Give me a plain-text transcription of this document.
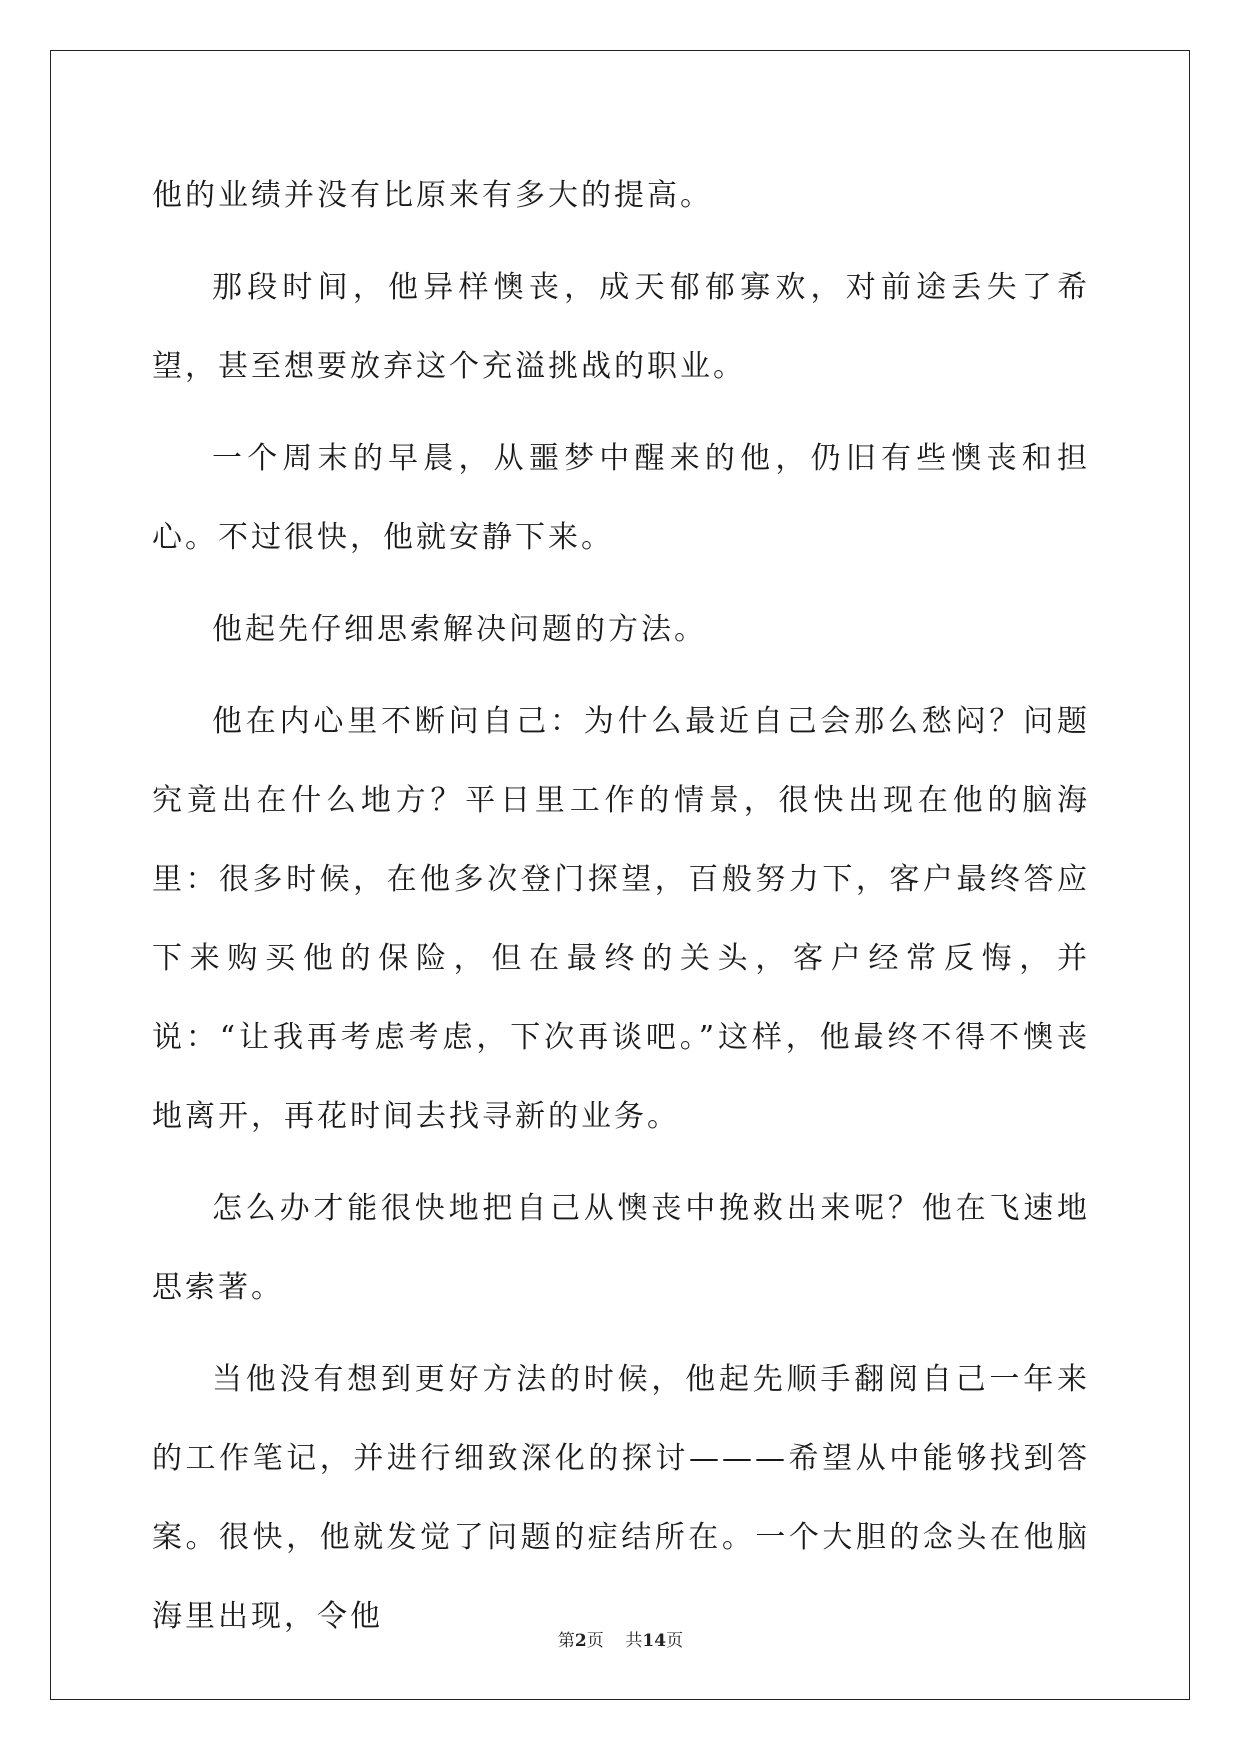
他的业绩并没有比原来有多大的提高。

那段时间，他异样懊丧，成天郁郁寡欢，对前途丢失了希望，甚至想要放弃这个充溢挑战的职业。

一个周末的早晨，从噩梦中醒来的他，仍旧有些懊丧和担心。不过很快，他就安静下来。

他起先仔细思索解决问题的方法。

他在内心里不断问自己：为什么最近自己会那么愁闷？问题究竟出在什么地方？平日里工作的情景，很快出现在他的脑海里：很多时候，在他多次登门探望，百般努力下，客户最终答应下来购买他的保险，但在最终的关头，客户经常反悔，并说：“让我再考虑考虑，下次再谈吧。”这样，他最终不得不懊丧地离开，再花时间去找寻新的业务。

怎么办才能很快地把自己从懊丧中挽救出来呢？他在飞速地思索著。

当他没有想到更好方法的时候，他起先顺手翻阅自己一年来的工作笔记，并进行细致深化的探讨———希望从中能够找到答案。很快，他就发觉了问题的症结所在。一个大胆的念头在他脑海里出现，令他

第2页 共14页
